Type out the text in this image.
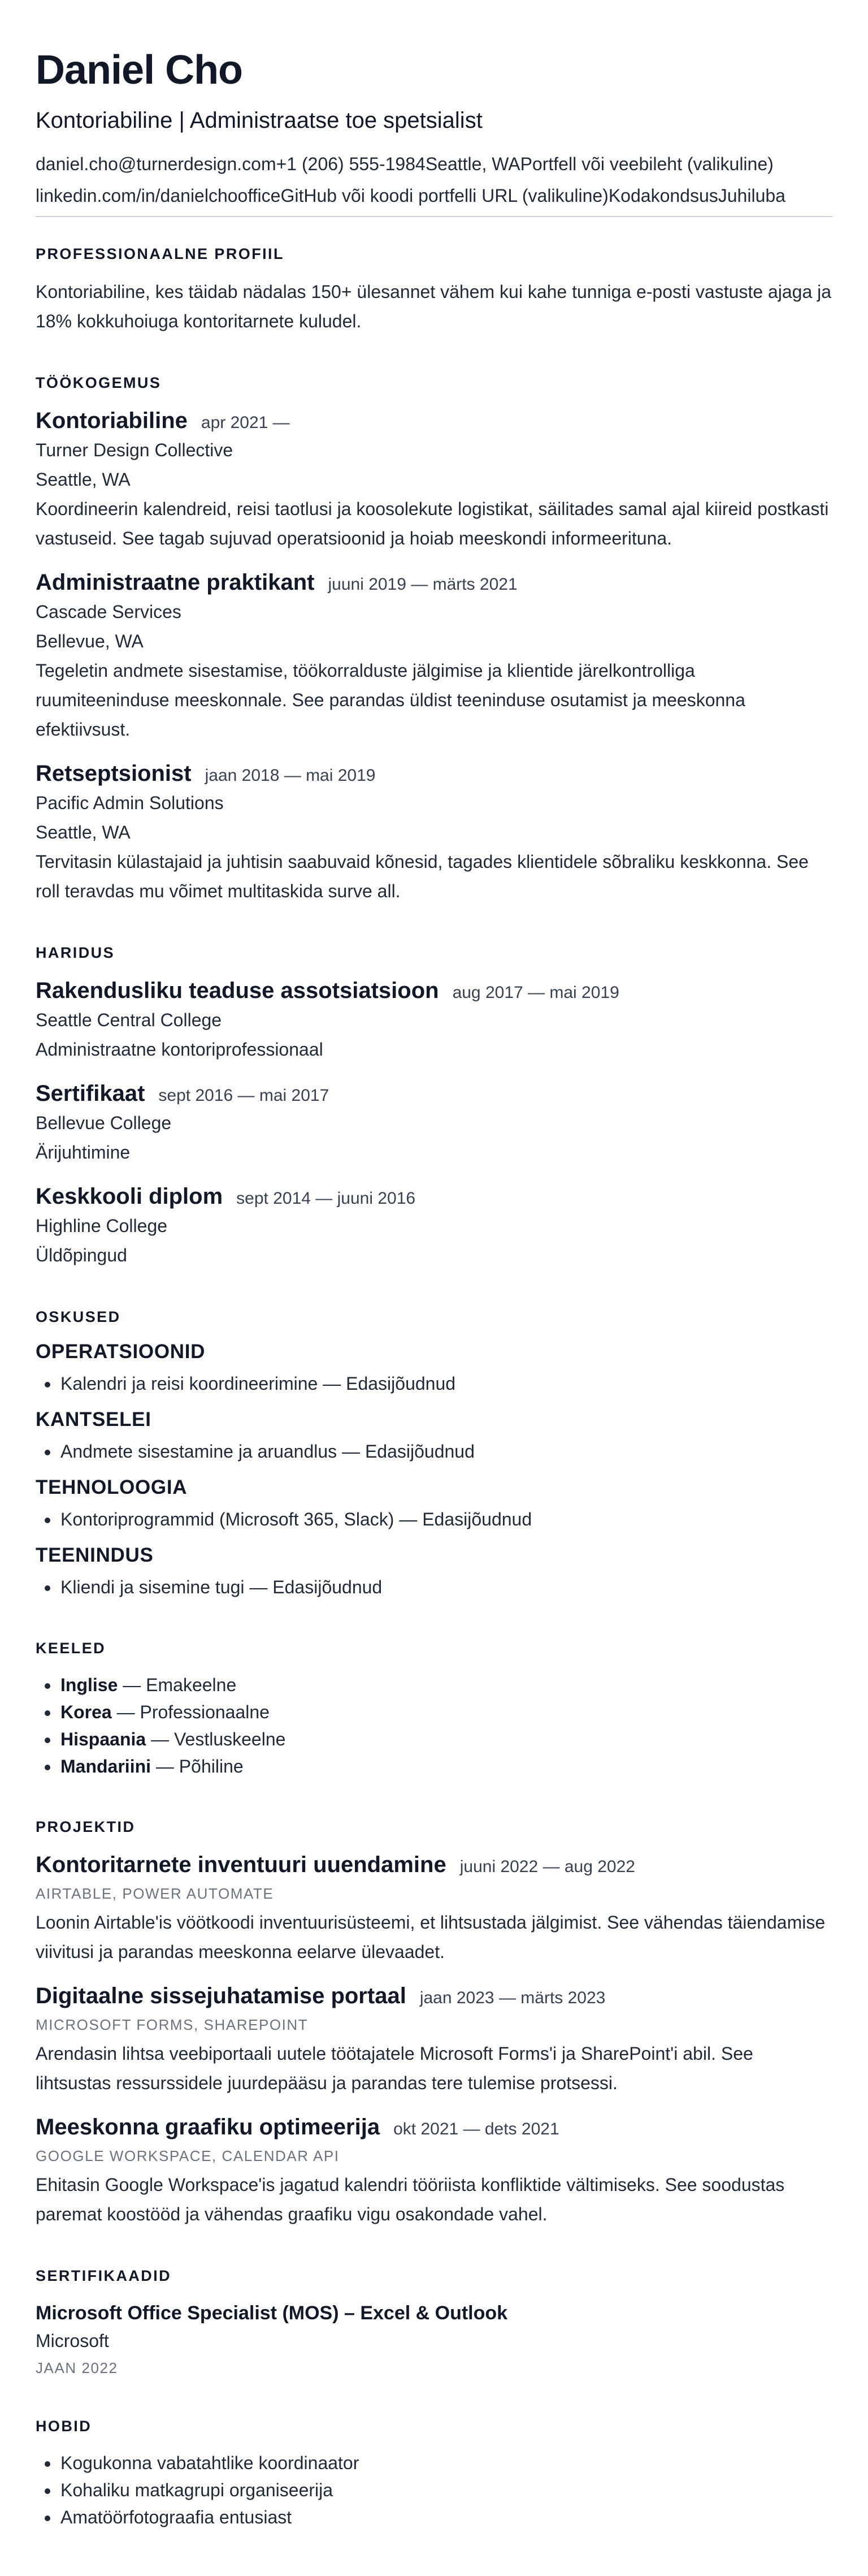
Daniel Cho

Kontoriabiline | Administraatse toe spetsialist

daniel.cho@turnerdesign.com+1 (206) 555-1984Seattle, WAPortfell või veebileht (valikuline)

linkedin.com/in/danielchoofficeGitHub või koodi portfelli URL (valikuline)KodakondsusJuhiluba

PROFESSIONAALNE PROFIIL

Kontoriabiline, kes täidab nädalas 150+ ülesannet vähem kui kahe tunniga e-posti vastuste ajaga ja 18% kokkuhoiuga kontoritarnete kuludel.

TÖÖKOGEMUS
Kontoriabiline apr 2021 —

Turner Design Collective

Seattle, WA

Koordineerin kalendreid, reisi taotlusi ja koosolekute logistikat, säilitades samal ajal kiireid postkasti vastuseid. See tagab sujuvad operatsioonid ja hoiab meeskondi informeerituna.

Administraatne praktikant juuni 2019 — märts 2021

Cascade Services

Bellevue, WA

Tegeletin andmete sisestamise, töökorralduste jälgimise ja klientide järelkontrolliga ruumiteeninduse meeskonnale. See parandas üldist teeninduse osutamist ja meeskonna efektiivsust.

Retseptsionist jaan 2018 — mai 2019

Pacific Admin Solutions

Seattle, WA

Tervitasin külastajaid ja juhtisin saabuvaid kõnesid, tagades klientidele sõbraliku keskkonna. See roll teravdas mu võimet multitaskida surve all.

HARIDUS
Rakendusliku teaduse assotsiatsioon aug 2017 — mai 2019

Seattle Central College

Administraatne kontoriprofessionaal

Sertifikaat sept 2016 — mai 2017

Bellevue College

Ärijuhtimine

Keskkooli diplom sept 2014 — juuni 2016

Highline College

Üldõpingud

OSKUSED
OPERATSIOONID
• Kalendri ja reisi koordineerimine — Edasijõudnud
KANTSELEI
• Andmete sisestamine ja aruandlus — Edasijõudnud
TEHNOLOOGIA
• Kontoriprogrammid (Microsoft 365, Slack) — Edasijõudnud
TEENINDUS
• Kliendi ja sisemine tugi — Edasijõudnud
KEELED
• Inglise — Emakeelne
• Korea — Professionaalne
• Hispaania — Vestluskeelne
• Mandariini — Põhiline
PROJEKTID
Kontoritarnete inventuuri uuendamine juuni 2022 — aug 2022

AIRTABLE, POWER AUTOMATE

Loonin Airtable'is vöötkoodi inventuurisüsteemi, et lihtsustada jälgimist. See vähendas täiendamise viivitusi ja parandas meeskonna eelarve ülevaadet.

Digitaalne sissejuhatamise portaal jaan 2023 — märts 2023

MICROSOFT FORMS, SHAREPOINT

Arendasin lihtsa veebiportaali uutele töötajatele Microsoft Forms'i ja SharePoint'i abil. See lihtsustas ressurssidele juurdepääsu ja parandas tere tulemise protsessi.

Meeskonna graafiku optimeerija okt 2021 — dets 2021

GOOGLE WORKSPACE, CALENDAR API

Ehitasin Google Workspace'is jagatud kalendri tööriista konfliktide vältimiseks. See soodustas paremat koostööd ja vähendas graafiku vigu osakondade vahel.

SERTIFIKAADID

Microsoft Office Specialist (MOS) – Excel & Outlook

Microsoft

JAAN 2022

HOBID
• Kogukonna vabatahtlike koordinaator
• Kohaliku matkagrupi organiseerija
• Amatöörfotograafia entusiast
